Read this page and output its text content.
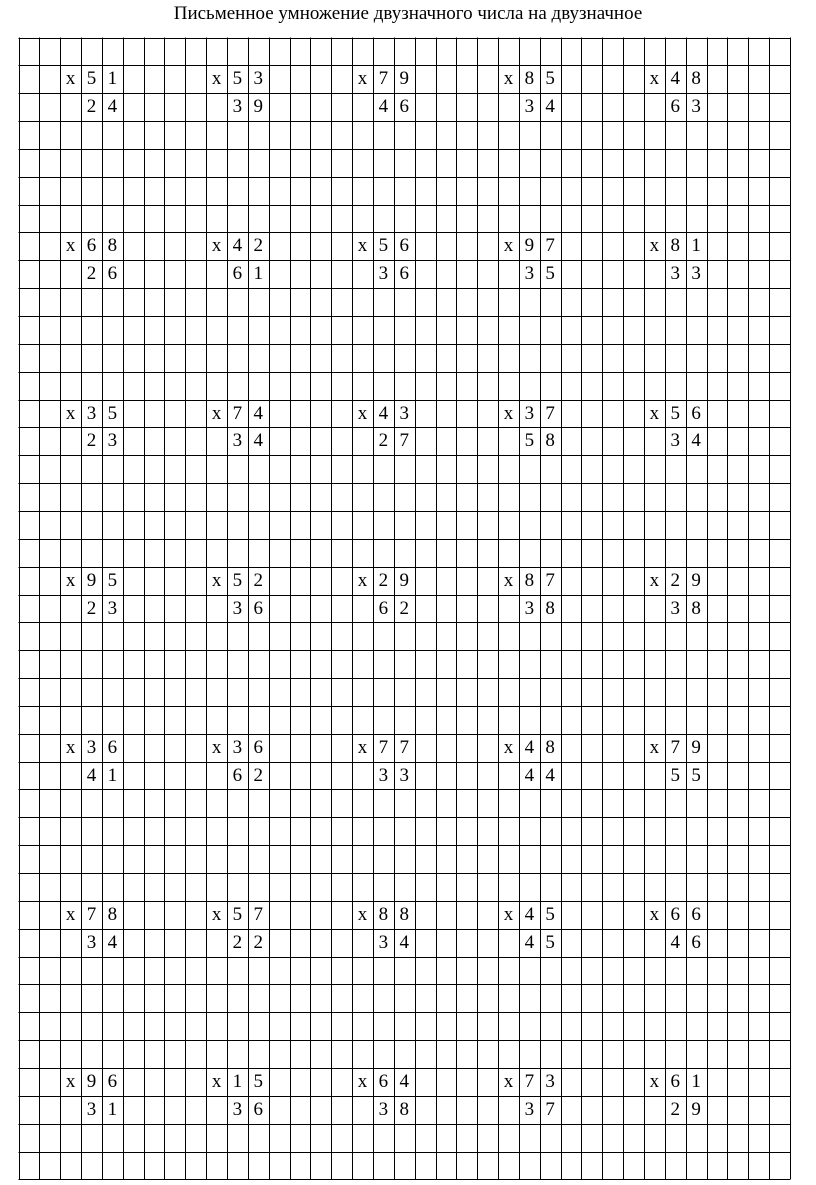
Письменное умножение двузначного числа на двузначное
х 5 1
2 4
х 5 3
3 9
х 7 9
4 6
х 8 5
3 4
х 4 8
6 3
х 6 8
2 6
х 4 2
6 1
х 5 6
3 6
х 9 7
3 5
х 8 1
3 3
х 3 5
2 3
х 7 4
3 4
х 4 3
2 7
х 3 7
5 8
х 5 6
3 4
х 9 5
2 3
х 5 2
3 6
х 2 9
6 2
х 8 7
3 8
х 2 9
3 8
х 3 6
4 1
х 3 6
6 2
х 7 7
3 3
х 4 8
4 4
х 7 9
5 5
х 7 8
3 4
х 5 7
2 2
х 8 8
3 4
х 4 5
4 5
х 6 6
4 6
х 9 6
3 1
х 1 5
3 6
х 6 4
3 8
х 7 3
3 7
х 6 1
2 9
